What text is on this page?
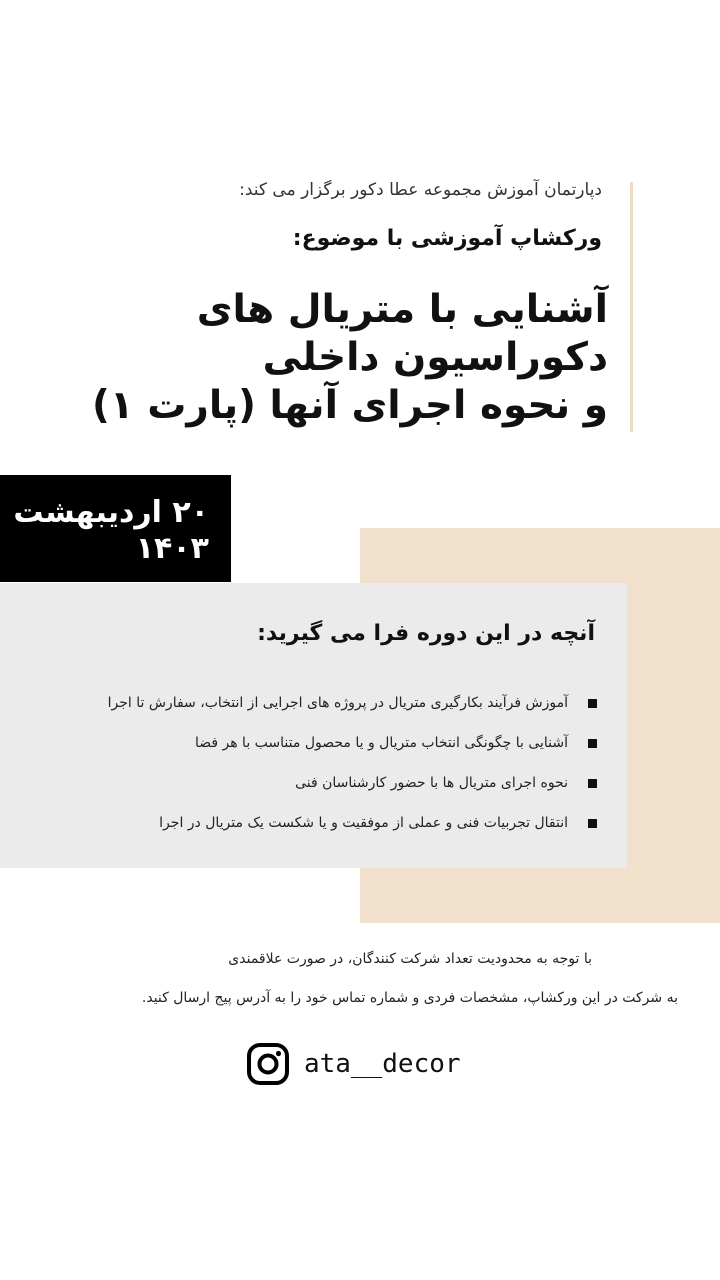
دپارتمان آموزش مجموعه عطا دکور برگزار می کند:
ورکشاپ آموزشی با موضوع:
آشنایی با متریال های
دکوراسیون داخلی
و نحوه اجرای آنها (پارت ۱)
۲۰ اردیبهشت
۱۴۰۳
آنچه در این دوره فرا می گیرید:
آموزش فرآیند بکارگیری متریال در پروژه های اجرایی از انتخاب، سفارش تا اجرا
آشنایی با چگونگی انتخاب متریال و یا محصول متناسب با هر فضا
نحوه اجرای متریال ها با حضور کارشناسان فنی
انتقال تجربیات فنی و عملی از موفقیت و یا شکست یک متریال در اجرا
با توجه به محدودیت تعداد شرکت کنندگان، در صورت علاقمندی
به شرکت در این ورکشاپ، مشخصات فردی و شماره تماس خود را به آدرس پیج ارسال کنید.
ata__decor
